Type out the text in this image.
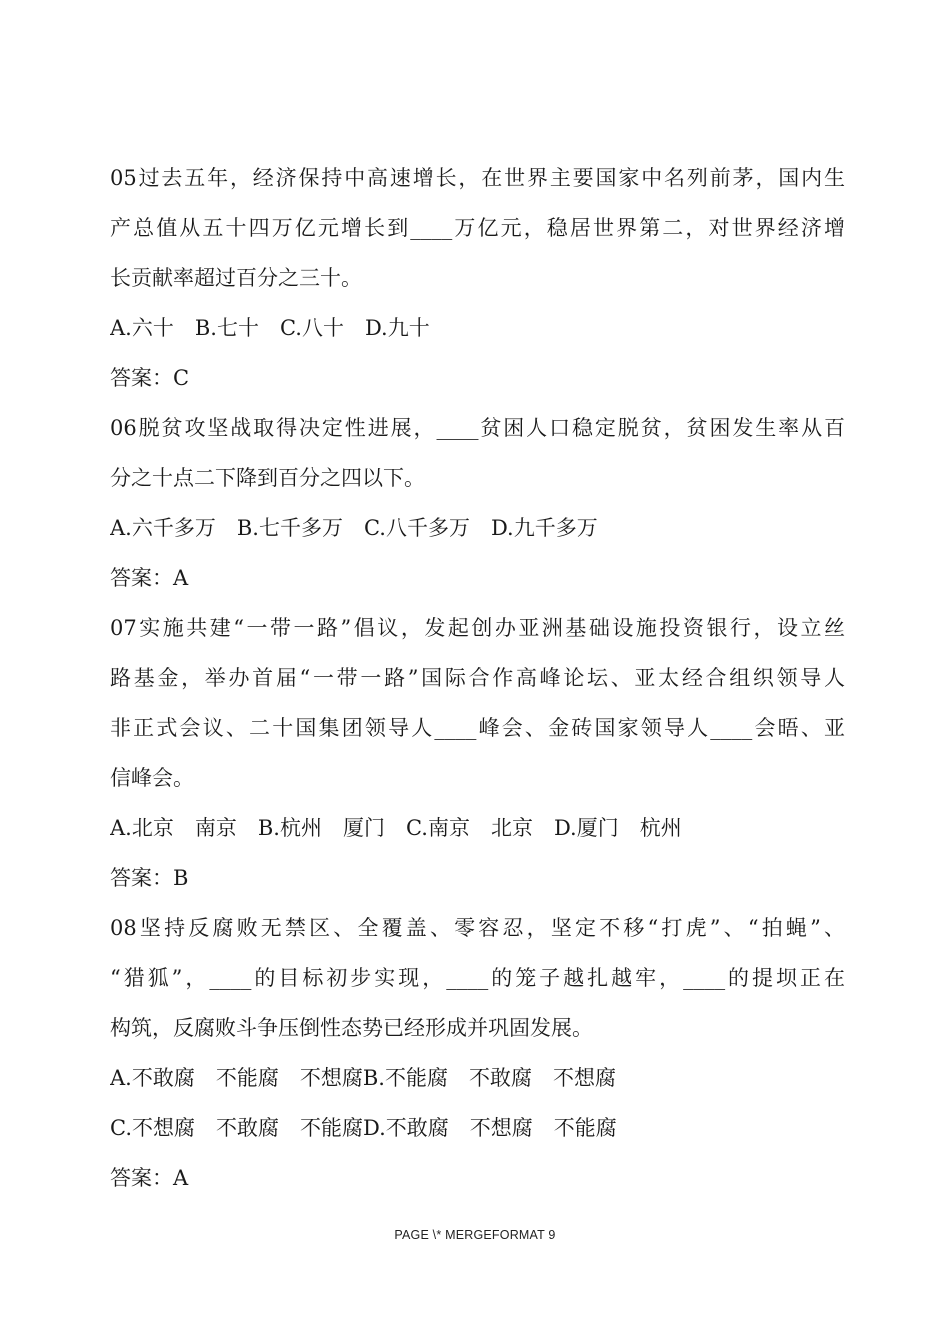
05过去五年，经济保持中高速增长，在世界主要国家中名列前茅，国内生
产总值从五十四万亿元增长到____万亿元，稳居世界第二，对世界经济增
长贡献率超过百分之三十。
A.六十　B.七十　C.八十　D.九十
答案：C
06脱贫攻坚战取得决定性进展，____贫困人口稳定脱贫，贫困发生率从百
分之十点二下降到百分之四以下。
A.六千多万　B.七千多万　C.八千多万　D.九千多万
答案：A
07实施共建“一带一路”倡议，发起创办亚洲基础设施投资银行，设立丝
路基金，举办首届“一带一路”国际合作高峰论坛、亚太经合组织领导人
非正式会议、二十国集团领导人____峰会、金砖国家领导人____会晤、亚
信峰会。
A.北京　南京　B.杭州　厦门　C.南京　北京　D.厦门　杭州
答案：B
08坚持反腐败无禁区、全覆盖、零容忍，坚定不移“打虎”、“拍蝇”、
“猎狐”，____的目标初步实现，____的笼子越扎越牢，____的提坝正在
构筑，反腐败斗争压倒性态势已经形成并巩固发展。
A.不敢腐　不能腐　不想腐B.不能腐　不敢腐　不想腐
C.不想腐　不敢腐　不能腐D.不敢腐　不想腐　不能腐
答案：A
PAGE \* MERGEFORMAT 9
